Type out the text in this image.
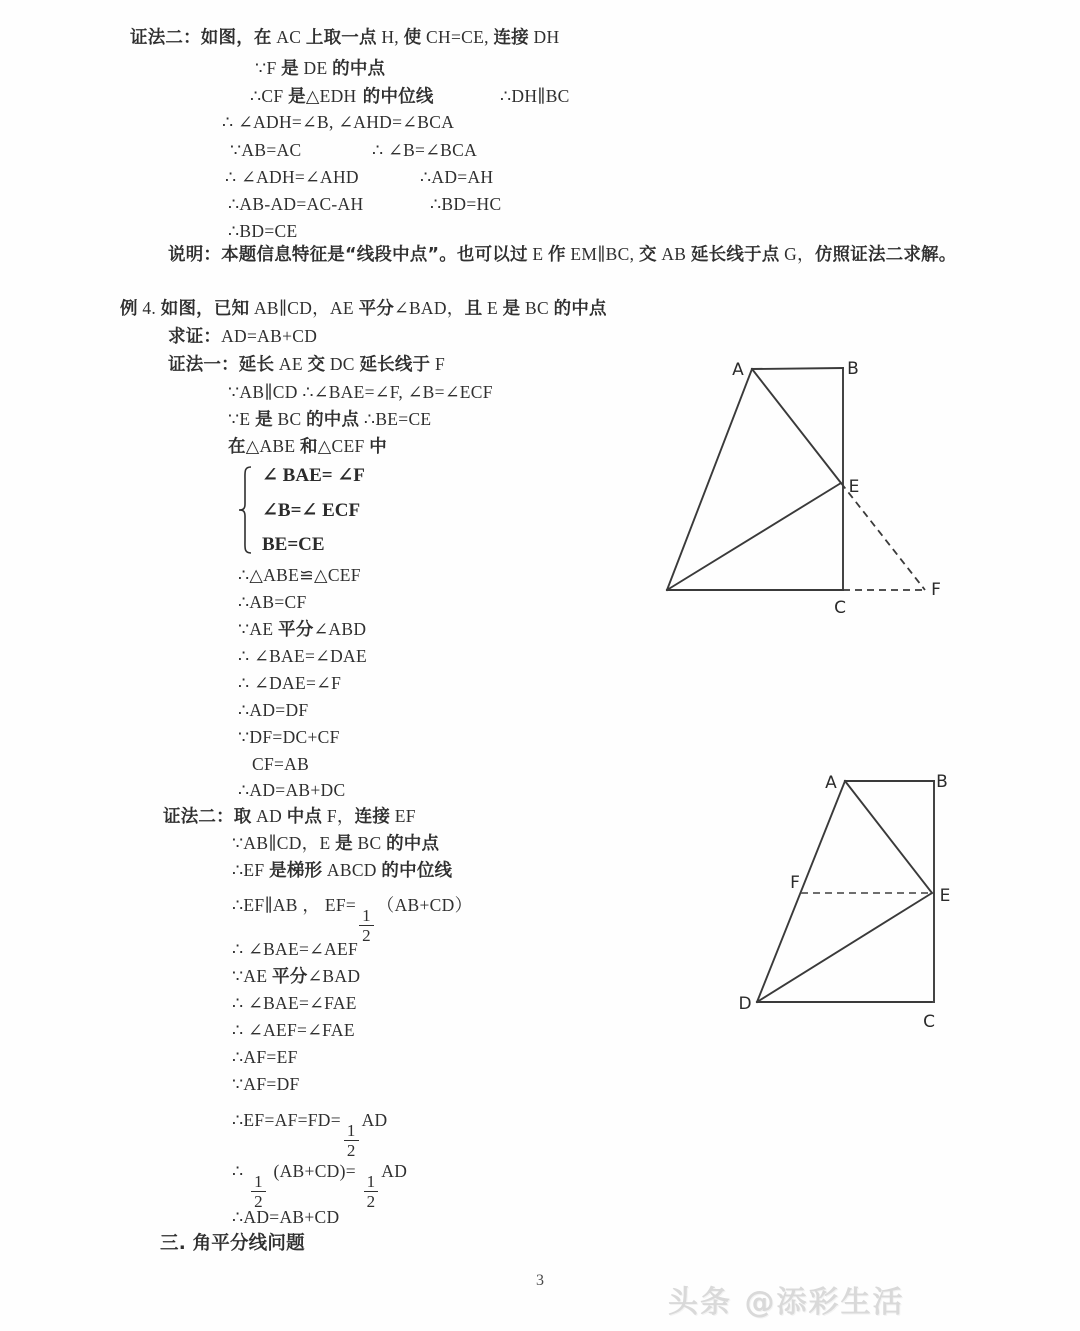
证法二：如图，在 AC 上取一点 H, 使 CH=CE, 连接 DH
∵F 是 DE 的中点
∴CF 是△EDH 的中位线	∴DH∥BC
∴ ∠ADH=∠B, ∠AHD=∠BCA
∵AB=AC	∴ ∠B=∠BCA
∴ ∠ADH=∠AHD	∴AD=AH
∴AB-AD=AC-AH	∴BD=HC
∴BD=CE
说明：本题信息特征是“线段中点”。也可以过 E 作 EM∥BC, 交 AB 延长线于点 G，仿照证法二求解。
例 4. 如图，已知 AB∥CD，AE 平分∠BAD，且 E 是 BC 的中点
求证：AD=AB+CD
证法一：延长 AE 交 DC 延长线于 F
∵AB∥CD ∴∠BAE=∠F, ∠B=∠ECF
∵E 是 BC 的中点 ∴BE=CE
在△ABE 和△CEF 中
∠ BAE= ∠F
∠B=∠ ECF
BE=CE
∴△ABE≌△CEF
∴AB=CF
∵AE 平分∠ABD
∴ ∠BAE=∠DAE
∴ ∠DAE=∠F
∴AD=DF
∵DF=DC+CF
CF=AB
∴AD=AB+DC
证法二：取 AD 中点 F，连接 EF
∵AB∥CD，E 是 BC 的中点
∴EF 是梯形 ABCD 的中位线
∴EF∥AB ， EF=
$\frac{1}{2}$
（AB+CD）
∴ ∠BAE=∠AEF
∵AE 平分∠BAD
∴ ∠BAE=∠FAE
∴ ∠AEF=∠FAE
∴AF=EF
∵AF=DF
∴EF=AF=FD=
$\frac{1}{2}$
AD
∴
$\frac{1}{2}$
(AB+CD)=
$\frac{1}{2}$
AD
∴AD=AB+CD
三. 角平分线问题
A	B
E
C
F
A	B
E
F
D
C
3
头条 @添彩生活
